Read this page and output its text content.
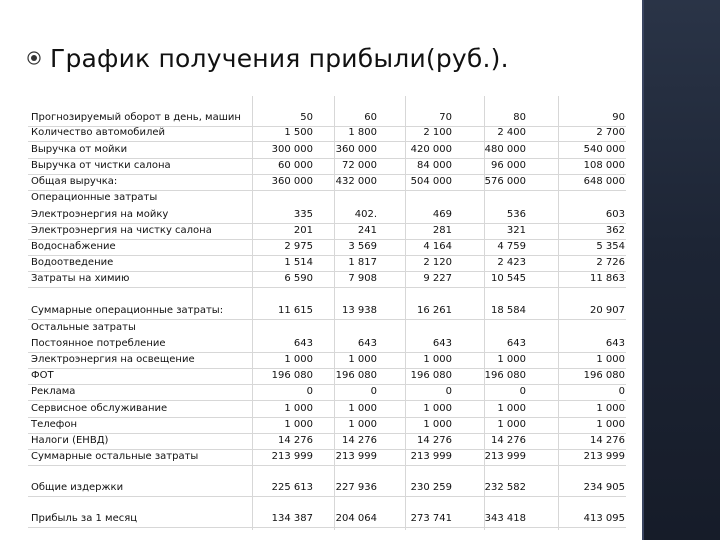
График получения прибыли(руб.).
Прогнозируемый оборот в день, машин	50	60	70	80	90
Количество автомобилей	1 500	1 800	2 100	2 400	2 700
Выручка от мойки	300 000	360 000	420 000	480 000	540 000
Выручка от чистки салона	60 000	72 000	84 000	96 000	108 000
Общая выручка:	360 000	432 000	504 000	576 000	648 000
Операционные затраты
Электроэнергия на мойку	335	402.	469	536	603
Электроэнергия на чистку салона	201	241	281	321	362
Водоснабжение	2 975	3 569	4 164	4 759	5 354
Водоотведение	1 514	1 817	2 120	2 423	2 726
Затраты на химию	6 590	7 908	9 227	10 545	11 863
Суммарные операционные затраты:	11 615	13 938	16 261	18 584	20 907
Остальные затраты
Постоянное потребление	643	643	643	643	643
Электроэнергия на освещение	1 000	1 000	1 000	1 000	1 000
ФОТ	196 080	196 080	196 080	196 080	196 080
Реклама	0	0	0	0	0
Сервисное обслуживание	1 000	1 000	1 000	1 000	1 000
Телефон	1 000	1 000	1 000	1 000	1 000
Налоги (ЕНВД)	14 276	14 276	14 276	14 276	14 276
Суммарные остальные затраты	213 999	213 999	213 999	213 999	213 999
Общие издержки	225 613	227 936	230 259	232 582	234 905
Прибыль за 1 месяц	134 387	204 064	273 741	343 418	413 095
